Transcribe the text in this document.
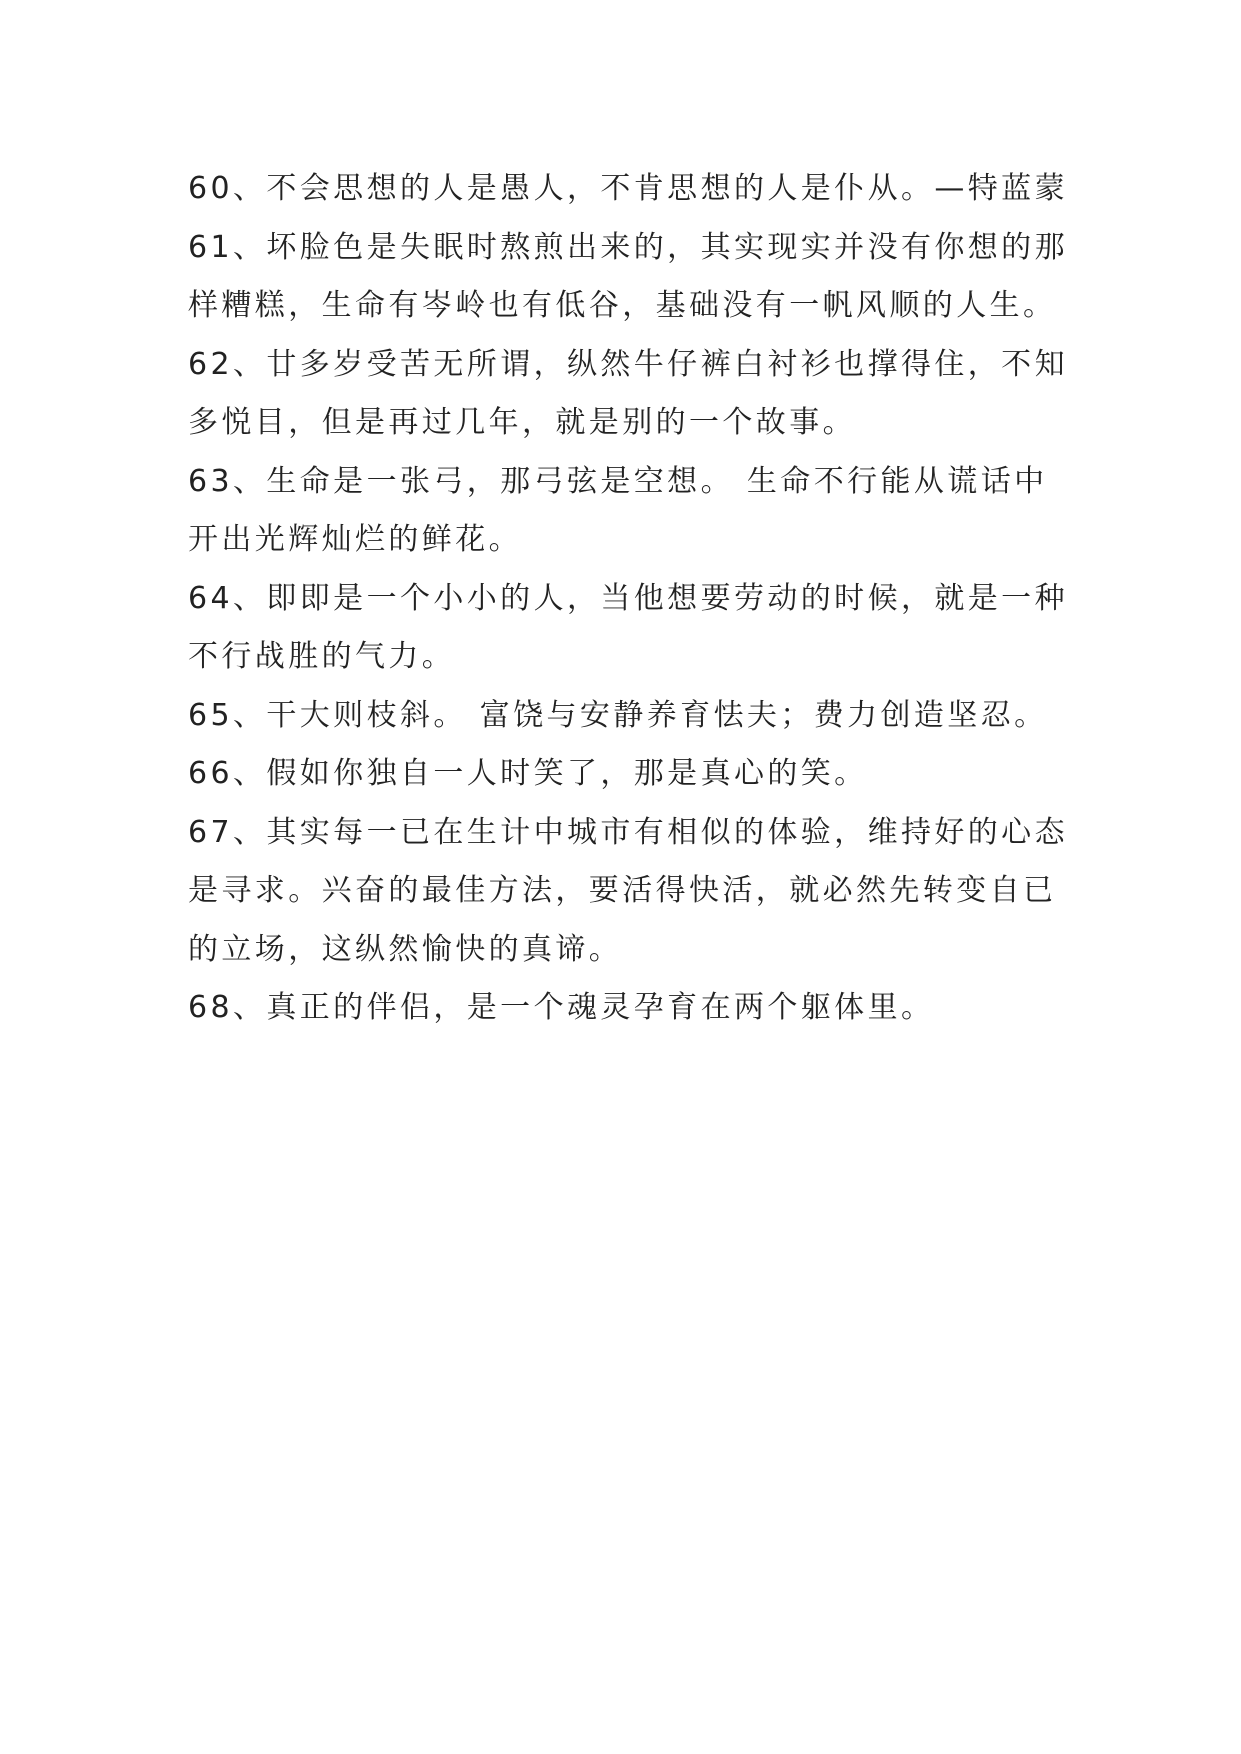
60、不会思想的人是愚人，不肯思想的人是仆从。—特蓝蒙

61、坏脸色是失眠时熬煎出来的，其实现实并没有你想的那样糟糕，生命有岑岭也有低谷，基础没有一帆风顺的人生。

62、廿多岁受苦无所谓，纵然牛仔裤白衬衫也撑得住，不知多悦目，但是再过几年，就是别的一个故事。

63、生命是一张弓，那弓弦是空想。 生命不行能从谎话中开出光辉灿烂的鲜花。

64、即即是一个小小的人，当他想要劳动的时候，就是一种不行战胜的气力。

65、干大则枝斜。 富饶与安静养育怯夫；费力创造坚忍。

66、假如你独自一人时笑了，那是真心的笑。

67、其实每一已在生计中城市有相似的体验，维持好的心态是寻求。兴奋的最佳方法，要活得快活，就必然先转变自已的立场，这纵然愉快的真谛。

68、真正的伴侣，是一个魂灵孕育在两个躯体里。
